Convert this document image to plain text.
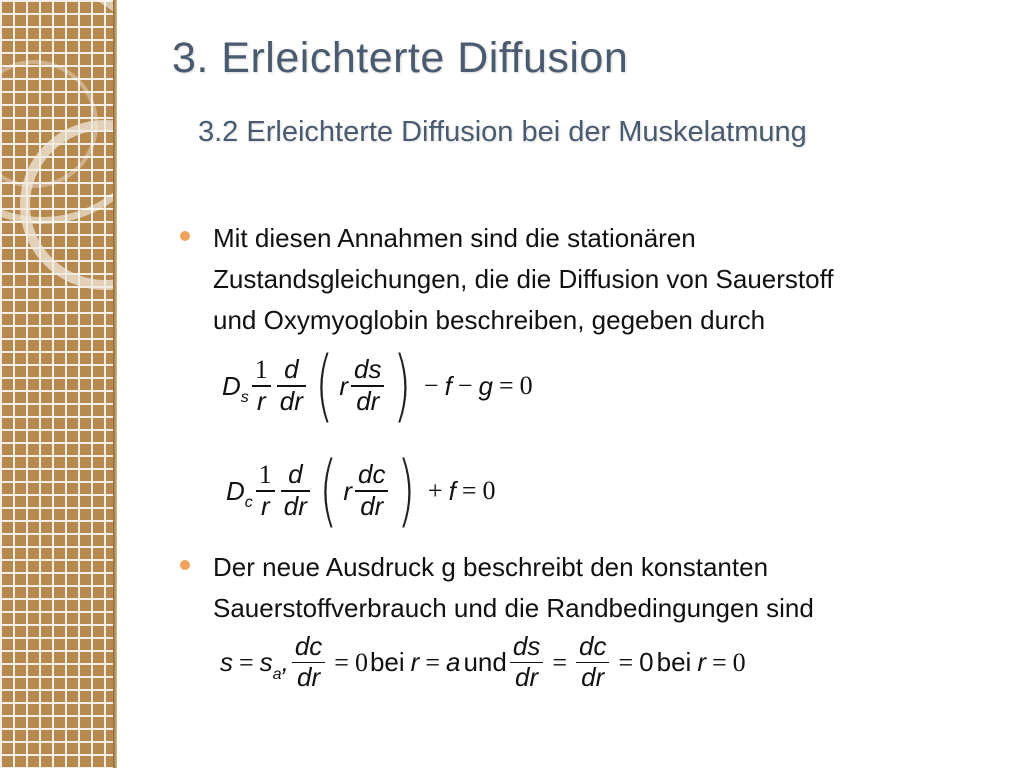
3. Erleichterte Diffusion
3.2 Erleichterte Diffusion bei der Muskelatmung
Mit diesen Annahmen sind die stationären
Zustandsgleichungen, die die Diffusion von Sauerstoff
und Oxymyoglobin beschreiben, gegeben durch
D s $\frac{1}{r} \frac{d}{dr}$ ( r $\frac{ds}{dr}$ ) − f − g = 0
D c $\frac{1}{r} \frac{d}{dr}$ ( r $\frac{dc}{dr}$ ) + f = 0
Der neue Ausdruck g beschreibt den konstanten
Sauerstoffverbrauch und die Randbedingungen sind
s = s a , $\frac{dc}{dr} = 0$ bei r = a und $\frac{ds}{dr} = \frac{dc}{dr} = 0$ bei r = 0
